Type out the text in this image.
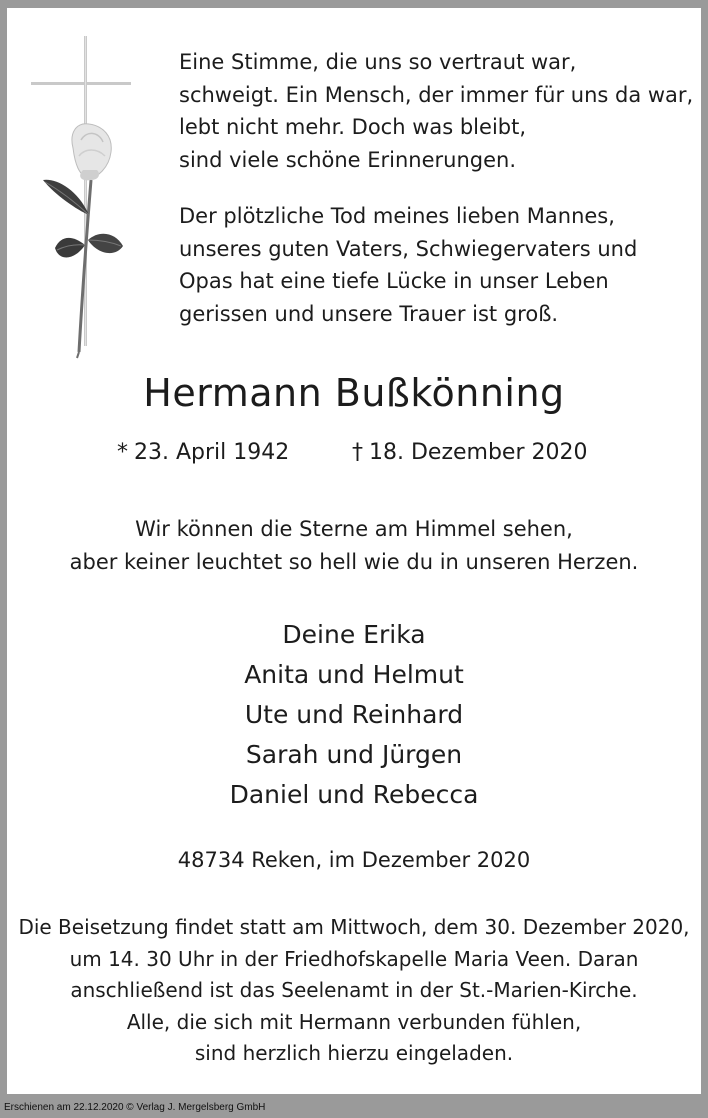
Eine Stimme, die uns so vertraut war,
schweigt. Ein Mensch, der immer für uns da war,
lebt nicht mehr. Doch was bleibt,
sind viele schöne Erinnerungen.
Der plötzliche Tod meines lieben Mannes,
unseres guten Vaters, Schwiegervaters und
Opas hat eine tiefe Lücke in unser Leben
gerissen und unsere Trauer ist groß.
Hermann Bußkönning
* 23. April 1942	† 18. Dezember 2020
Wir können die Sterne am Himmel sehen,
aber keiner leuchtet so hell wie du in unseren Herzen.
Deine Erika
Anita und Helmut
Ute und Reinhard
Sarah und Jürgen
Daniel und Rebecca
48734 Reken, im Dezember 2020
Die Beisetzung findet statt am Mittwoch, dem 30. Dezember 2020,
um 14. 30 Uhr in der Friedhofskapelle Maria Veen. Daran
anschließend ist das Seelenamt in der St.-Marien-Kirche.
Alle, die sich mit Hermann verbunden fühlen,
sind herzlich hierzu eingeladen.
Erschienen am 22.12.2020 © Verlag J. Mergelsberg GmbH
